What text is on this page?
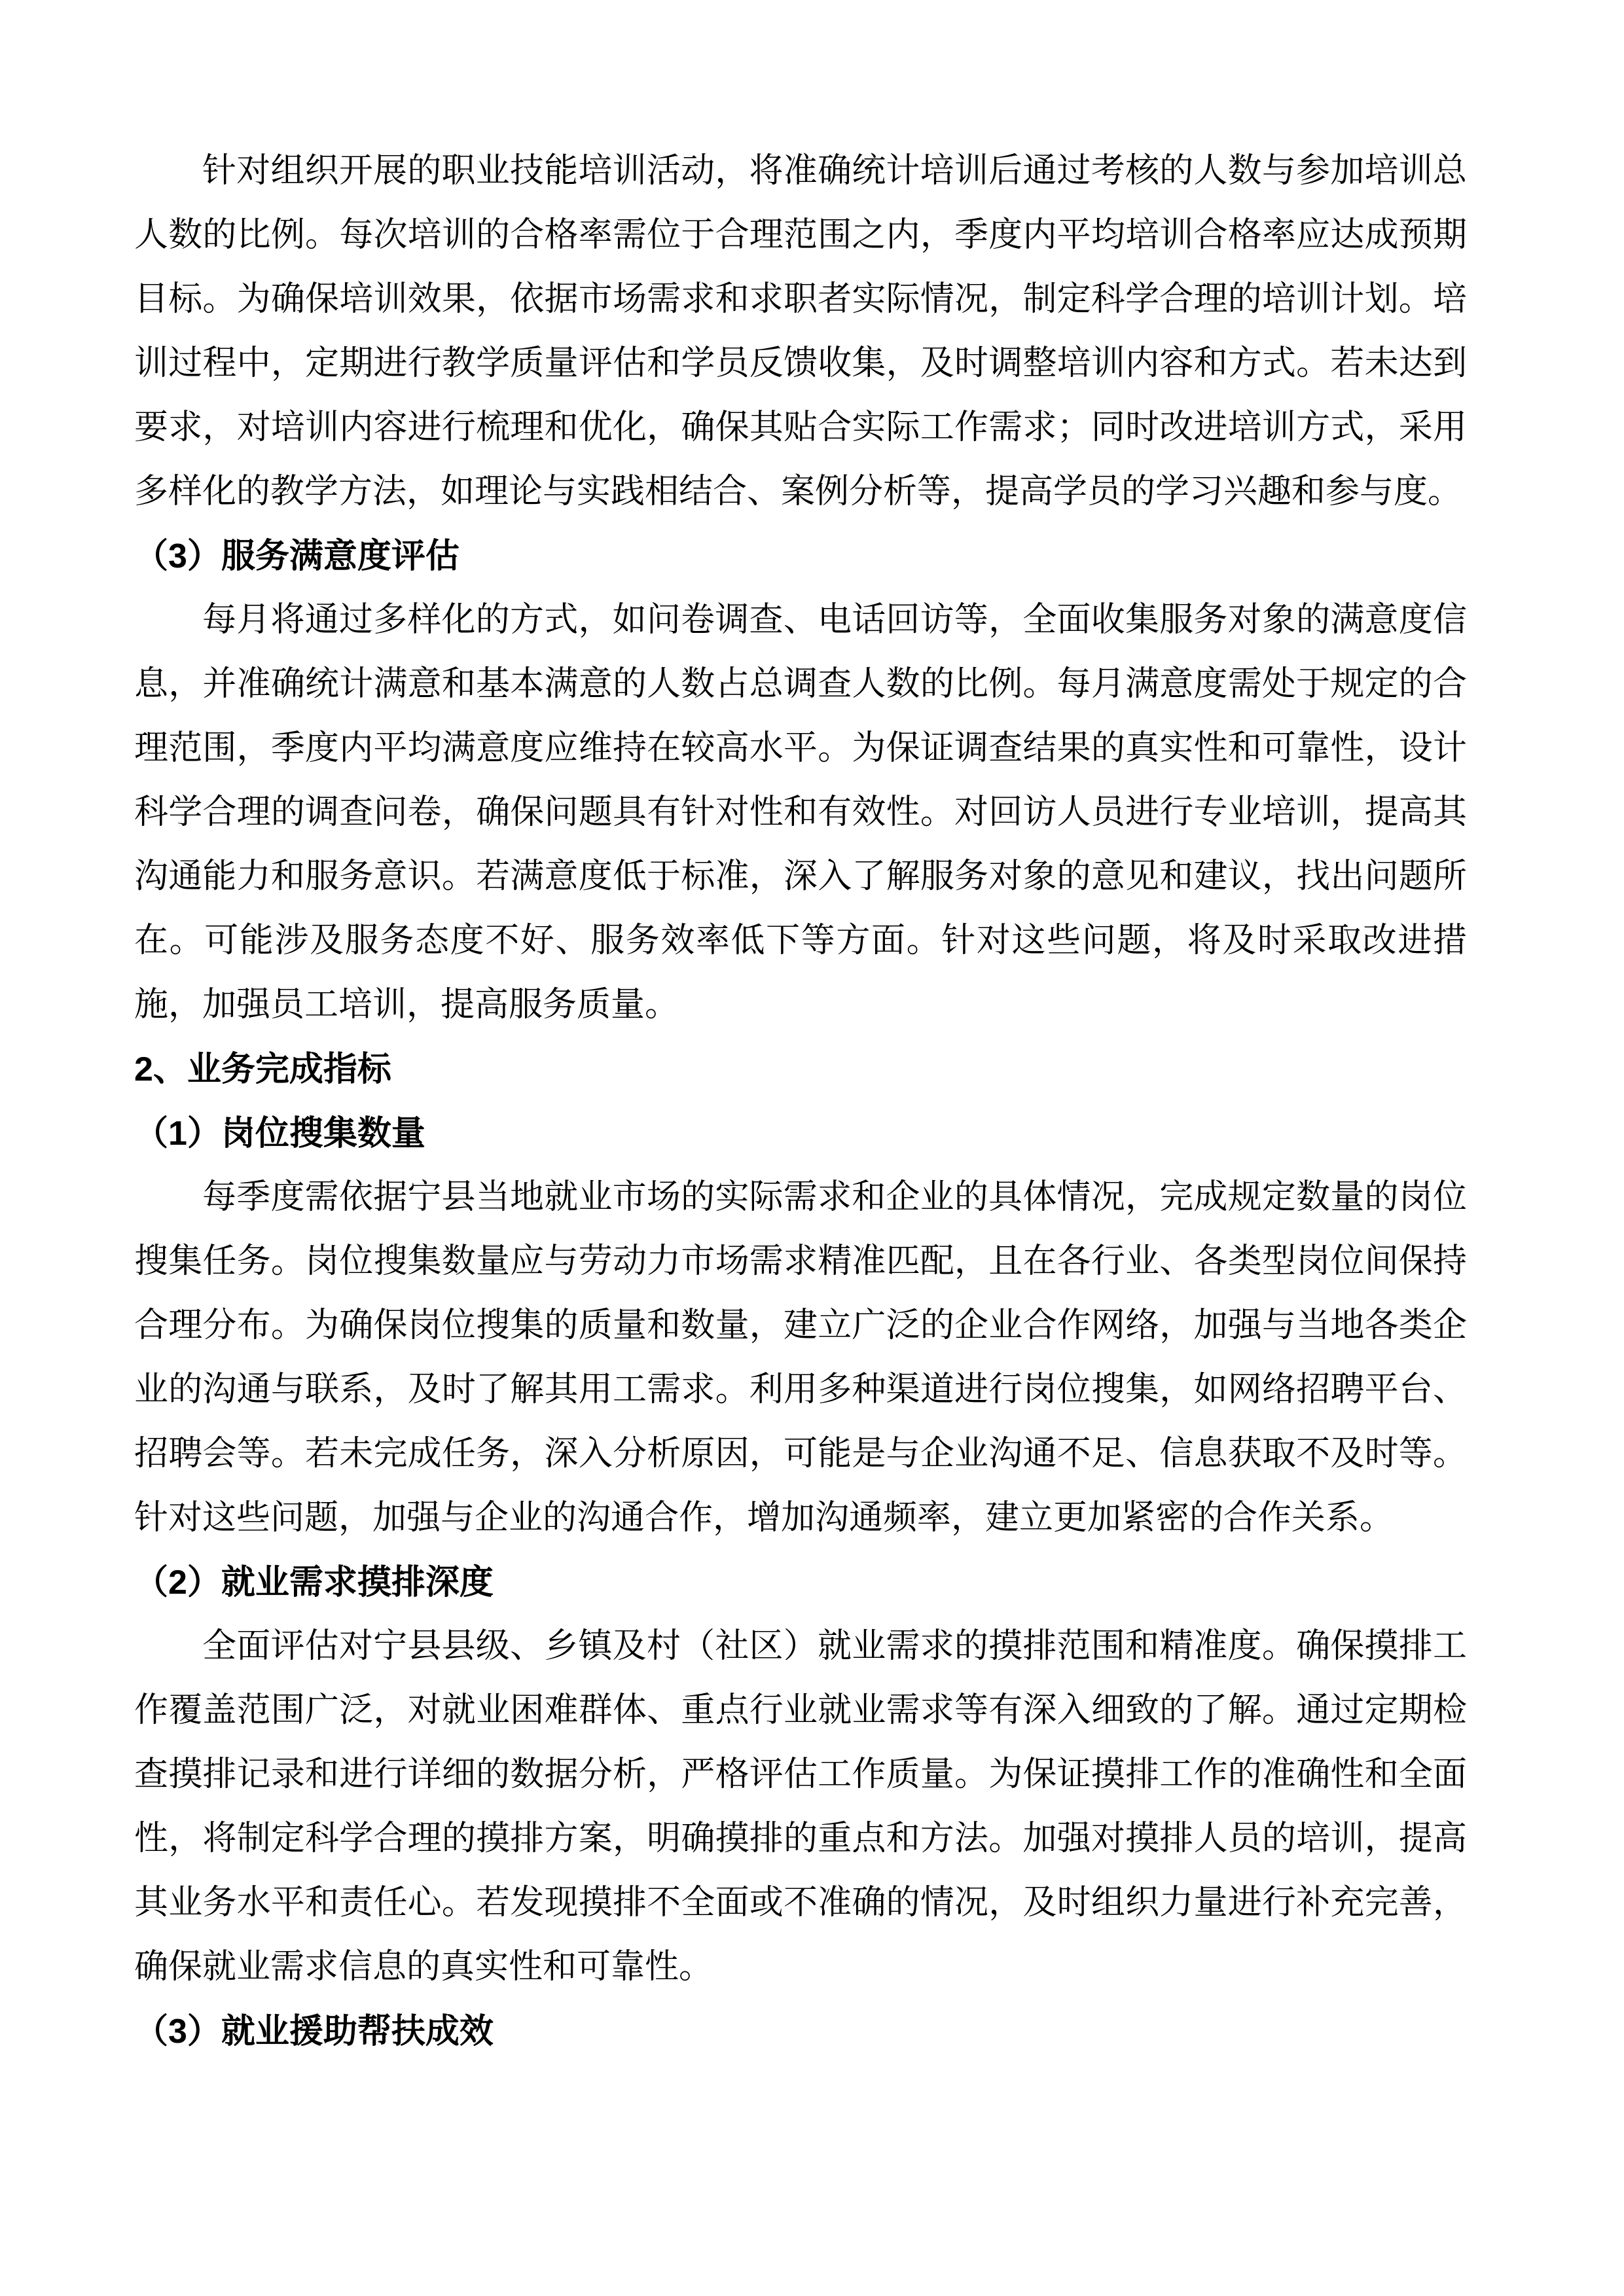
针对组织开展的职业技能培训活动，将准确统计培训后通过考核的人数与参加培训总人数的比例。每次培训的合格率需位于合理范围之内，季度内平均培训合格率应达成预期目标。为确保培训效果，依据市场需求和求职者实际情况，制定科学合理的培训计划。培训过程中，定期进行教学质量评估和学员反馈收集，及时调整培训内容和方式。若未达到要求，对培训内容进行梳理和优化，确保其贴合实际工作需求；同时改进培训方式，采用多样化的教学方法，如理论与实践相结合、案例分析等，提高学员的学习兴趣和参与度。

（3）服务满意度评估

每月将通过多样化的方式，如问卷调查、电话回访等，全面收集服务对象的满意度信息，并准确统计满意和基本满意的人数占总调查人数的比例。每月满意度需处于规定的合理范围，季度内平均满意度应维持在较高水平。为保证调查结果的真实性和可靠性，设计科学合理的调查问卷，确保问题具有针对性和有效性。对回访人员进行专业培训，提高其沟通能力和服务意识。若满意度低于标准，深入了解服务对象的意见和建议，找出问题所在。可能涉及服务态度不好、服务效率低下等方面。针对这些问题，将及时采取改进措施，加强员工培训，提高服务质量。

2、业务完成指标
（1）岗位搜集数量

每季度需依据宁县当地就业市场的实际需求和企业的具体情况，完成规定数量的岗位搜集任务。岗位搜集数量应与劳动力市场需求精准匹配，且在各行业、各类型岗位间保持合理分布。为确保岗位搜集的质量和数量，建立广泛的企业合作网络，加强与当地各类企业的沟通与联系，及时了解其用工需求。利用多种渠道进行岗位搜集，如网络招聘平台、招聘会等。若未完成任务，深入分析原因，可能是与企业沟通不足、信息获取不及时等。针对这些问题，加强与企业的沟通合作，增加沟通频率，建立更加紧密的合作关系。

（2）就业需求摸排深度

全面评估对宁县县级、乡镇及村（社区）就业需求的摸排范围和精准度。确保摸排工作覆盖范围广泛，对就业困难群体、重点行业就业需求等有深入细致的了解。通过定期检查摸排记录和进行详细的数据分析，严格评估工作质量。为保证摸排工作的准确性和全面性，将制定科学合理的摸排方案，明确摸排的重点和方法。加强对摸排人员的培训，提高其业务水平和责任心。若发现摸排不全面或不准确的情况，及时组织力量进行补充完善，确保就业需求信息的真实性和可靠性。

（3）就业援助帮扶成效
